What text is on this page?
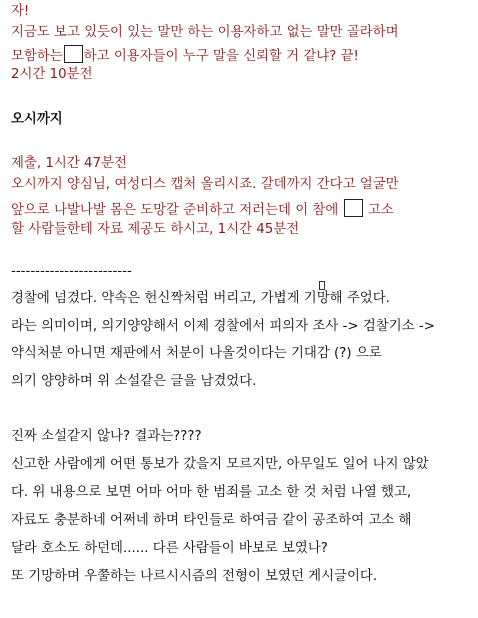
자!
지금도 보고 있듯이 있는 말만 하는 이용자하고 없는 말만 골라하며
모함하는 하고 이용자들이 누구 말을 신뢰할 거 같냐? 끝!
2시간 10분전
오시까지
제출, 1시간 47분전
오시까지 양심님, 여성디스 캡처 올리시죠. 갈데까지 간다고 얼굴만
앞으로 나발나발 몸은 도망갈 준비하고 저러는데 이 참에 고소
할 사람들한테 자료 제공도 하시고, 1시간 45분전
-------------------------
경찰에 넘겼다. 약속은 헌신짝처럼 버리고, 가볍게 기망해 주었다.
라는 의미이며, 의기양양해서 이제 경찰에서 피의자 조사 -> 검찰기소 ->
약식처분 아니면 재판에서 처분이 나올것이다는 기대감 (?) 으로
의기 양양하며 위 소설같은 글을 남겼었다.
진짜 소설같지 않나? 결과는????
신고한 사람에게 어떤 통보가 갔을지 모르지만, 아무일도 일어 나지 않았
다. 위 내용으로 보면 어마 어마 한 범죄를 고소 한 것 처럼 나열 했고,
자료도 충분하네 어쩌네 하며 타인들로 하여금 같이 공조하여 고소 해
달라 호소도 하던데...... 다른 사람들이 바보로 보였나?
또 기망하며 우쭐하는 나르시시즘의 전형이 보였던 게시글이다.
